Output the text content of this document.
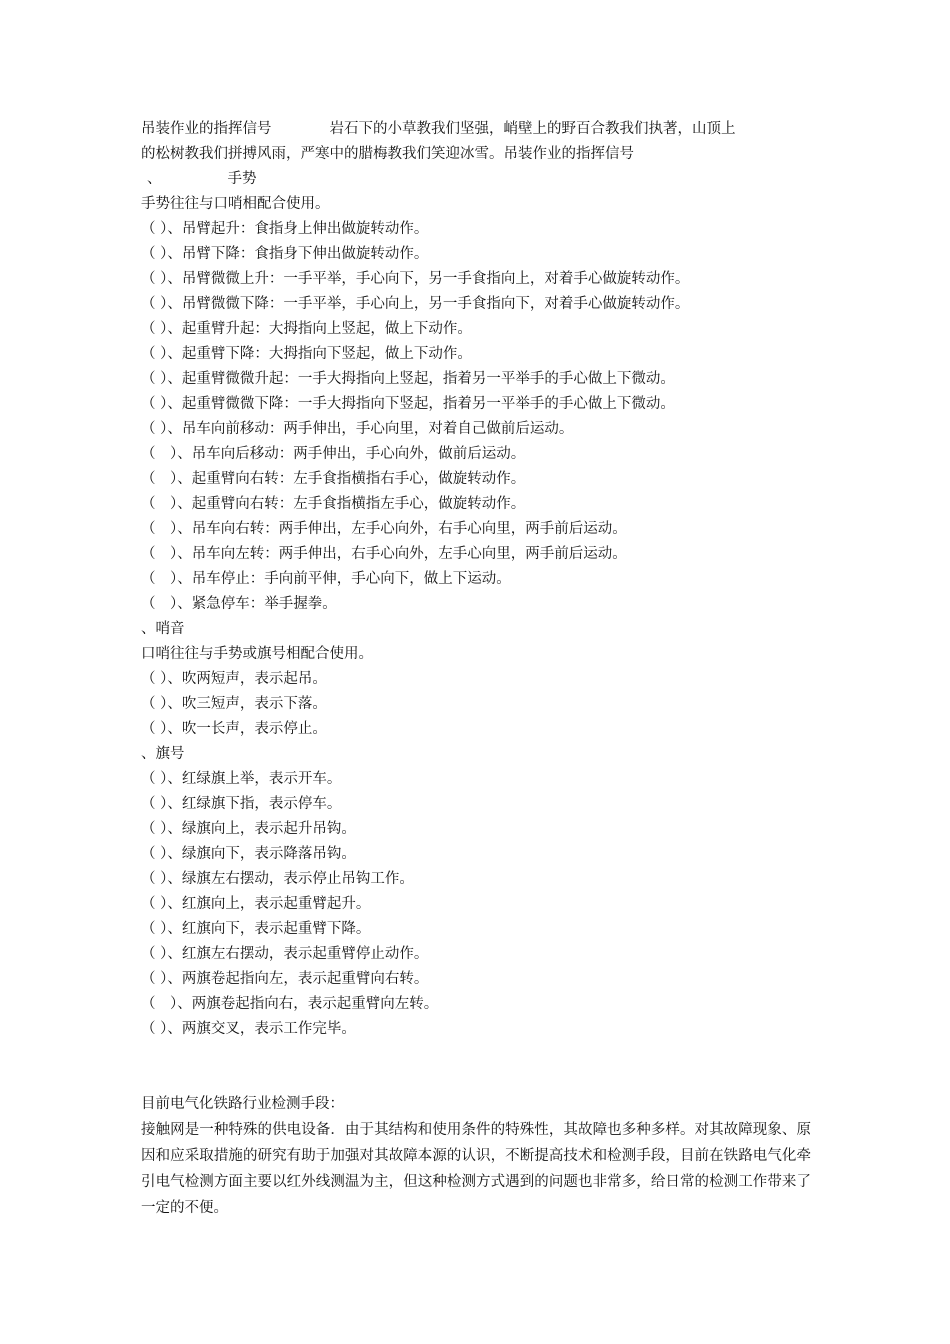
吊装作业的指挥信号	岩石下的小草教我们坚强，峭壁上的野百合教我们执著，山顶上
的松树教我们拼搏风雨，严寒中的腊梅教我们笑迎冰雪。吊装作业的指挥信号
、	手势
手势往往与口哨相配合使用。
（ ）、吊臂起升：食指身上伸出做旋转动作。
（ ）、吊臂下降：食指身下伸出做旋转动作。
（ ）、吊臂微微上升：一手平举，手心向下，另一手食指向上，对着手心做旋转动作。
（ ）、吊臂微微下降：一手平举，手心向上，另一手食指向下，对着手心做旋转动作。
（ ）、起重臂升起：大拇指向上竖起，做上下动作。
（ ）、起重臂下降：大拇指向下竖起，做上下动作。
（ ）、起重臂微微升起：一手大拇指向上竖起，指着另一平举手的手心做上下微动。
（ ）、起重臂微微下降：一手大拇指向下竖起，指着另一平举手的手心做上下微动。
（ ）、吊车向前移动：两手伸出，手心向里，对着自己做前后运动。
（　）、吊车向后移动：两手伸出，手心向外，做前后运动。
（　）、起重臂向右转：左手食指横指右手心，做旋转动作。
（　）、起重臂向右转：左手食指横指左手心，做旋转动作。
（　）、吊车向右转：两手伸出，左手心向外，右手心向里，两手前后运动。
（　）、吊车向左转：两手伸出，右手心向外，左手心向里，两手前后运动。
（　）、吊车停止：手向前平伸，手心向下，做上下运动。
（　）、紧急停车：举手握拳。
、哨音
口哨往往与手势或旗号相配合使用。
（ ）、吹两短声，表示起吊。
（ ）、吹三短声，表示下落。
（ ）、吹一长声，表示停止。
、旗号
（ ）、红绿旗上举，表示开车。
（ ）、红绿旗下指，表示停车。
（ ）、绿旗向上，表示起升吊钩。
（ ）、绿旗向下，表示降落吊钩。
（ ）、绿旗左右摆动，表示停止吊钩工作。
（ ）、红旗向上，表示起重臂起升。
（ ）、红旗向下，表示起重臂下降。
（ ）、红旗左右摆动，表示起重臂停止动作。
（ ）、两旗卷起指向左，表示起重臂向右转。
（　）、两旗卷起指向右，表示起重臂向左转。
（ ）、两旗交叉，表示工作完毕。
目前电气化铁路行业检测手段：
接触网是一种特殊的供电设备．由于其结构和使用条件的特殊性，其故障也多种多样。对其故障现象、原因和应采取措施的研究有助于加强对其故障本源的认识，不断提高技术和检测手段，目前在铁路电气化牵引电气检测方面主要以红外线测温为主，但这种检测方式遇到的问题也非常多，给日常的检测工作带来了一定的不便。
